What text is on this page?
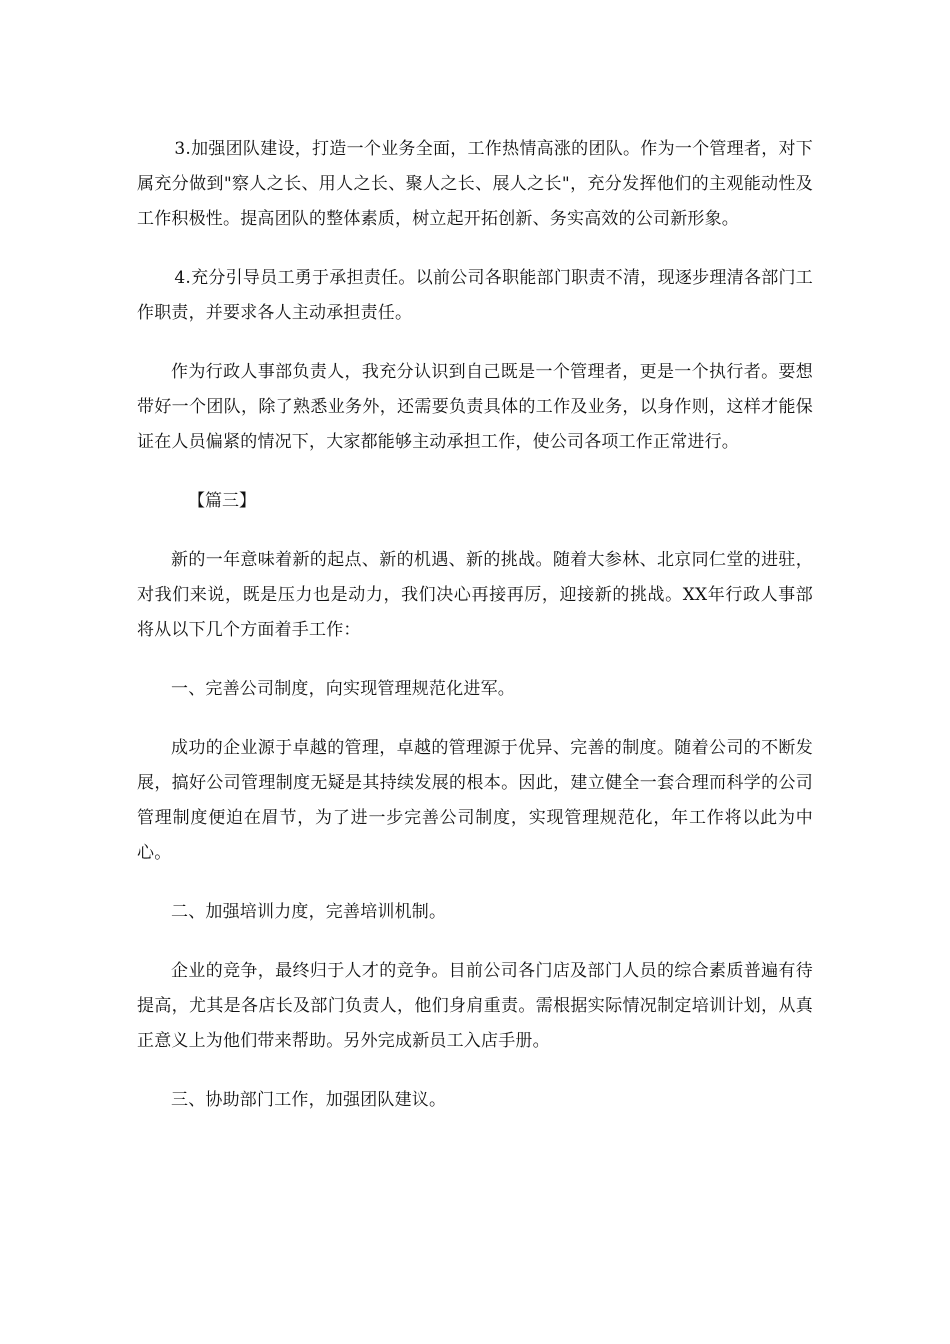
3.加强团队建设，打造一个业务全面，工作热情高涨的团队。作为一个管理者，对下属充分做到"察人之长、用人之长、聚人之长、展人之长"，充分发挥他们的主观能动性及工作积极性。提高团队的整体素质，树立起开拓创新、务实高效的公司新形象。

4.充分引导员工勇于承担责任。以前公司各职能部门职责不清，现逐步理清各部门工作职责，并要求各人主动承担责任。

作为行政人事部负责人，我充分认识到自己既是一个管理者，更是一个执行者。要想带好一个团队，除了熟悉业务外，还需要负责具体的工作及业务，以身作则，这样才能保证在人员偏紧的情况下，大家都能够主动承担工作，使公司各项工作正常进行。

【篇三】

新的一年意味着新的起点、新的机遇、新的挑战。随着大参林、北京同仁堂的进驻，对我们来说，既是压力也是动力，我们决心再接再厉，迎接新的挑战。XX年行政人事部将从以下几个方面着手工作：

一、完善公司制度，向实现管理规范化进军。

成功的企业源于卓越的管理，卓越的管理源于优异、完善的制度。随着公司的不断发展，搞好公司管理制度无疑是其持续发展的根本。因此，建立健全一套合理而科学的公司管理制度便迫在眉节，为了进一步完善公司制度，实现管理规范化，年工作将以此为中心。

二、加强培训力度，完善培训机制。

企业的竞争，最终归于人才的竞争。目前公司各门店及部门人员的综合素质普遍有待提高，尤其是各店长及部门负责人，他们身肩重责。需根据实际情况制定培训计划，从真正意义上为他们带来帮助。另外完成新员工入店手册。

三、协助部门工作，加强团队建议。
